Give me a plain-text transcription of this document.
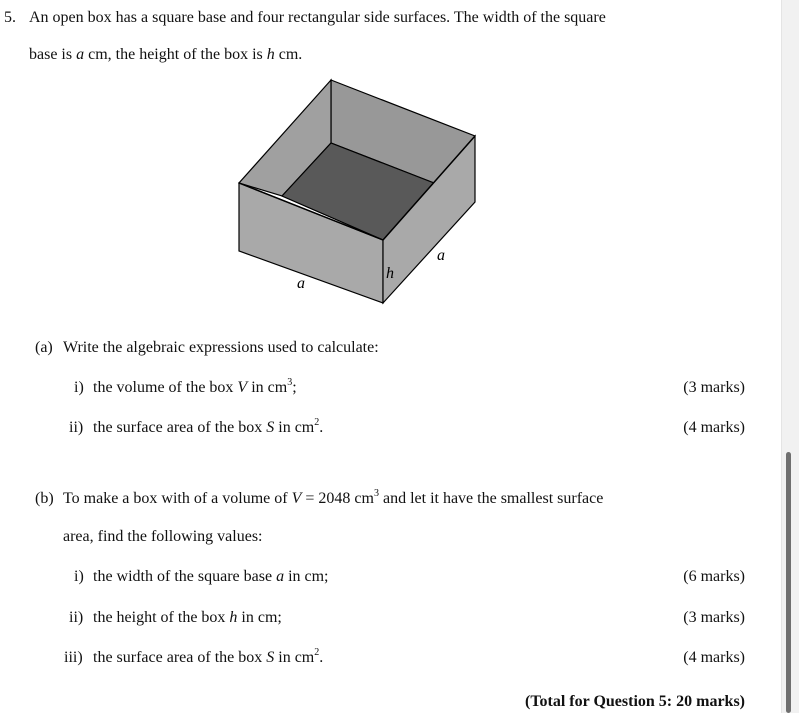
5. An open box has a square base and four rectangular side surfaces. The width of the square
base is a cm, the height of the box is h cm.
a
a
h
(a) Write the algebraic expressions used to calculate:
i) the volume of the box V in $cm^3$;	(3 marks)
ii) the surface area of the box S in $cm^2$.	(4 marks)
(b) To make a box with of a volume of V = 2048 $cm^3$ and let it have the smallest surface
area, find the following values:
i) the width of the square base a in cm;	(6 marks)
ii) the height of the box h in cm;	(3 marks)
iii) the surface area of the box S in $cm^2$.	(4 marks)
(Total for Question 5: 20 marks)
